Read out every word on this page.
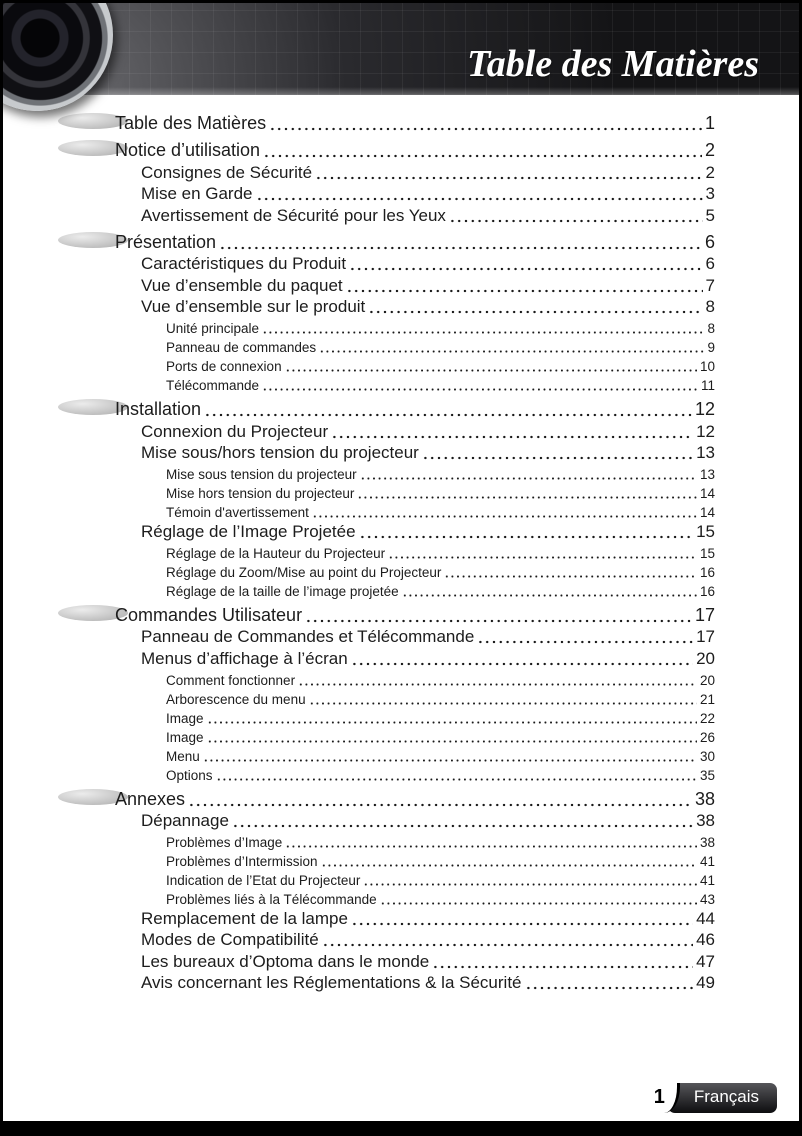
Table des Matières
Table des Matières	1
Notice d’utilisation	2
Consignes de Sécurité	2
Mise en Garde	3
Avertissement de Sécurité pour les Yeux	5
Présentation	6
Caractéristiques du Produit	6
Vue d’ensemble du paquet	7
Vue d’ensemble sur le produit	8
Unité principale	8
Panneau de commandes	9
Ports de connexion	10
Télécommande	11
Installation	12
Connexion du Projecteur	12
Mise sous/hors tension du projecteur	13
Mise sous tension du projecteur	13
Mise hors tension du projecteur	14
Témoin d'avertissement	14
Réglage de l’Image Projetée	15
Réglage de la Hauteur du Projecteur	15
Réglage du Zoom/Mise au point du Projecteur	16
Réglage de la taille de l’image projetée	16
Commandes Utilisateur	17
Panneau de Commandes et Télécommande	17
Menus d’affichage à l’écran	20
Comment fonctionner	20
Arborescence du menu	21
Image	22
Image	26
Menu	30
Options	35
Annexes	38
Dépannage	38
Problèmes d’Image	38
Problèmes d’Intermission	41
Indication de l’Etat du Projecteur	41
Problèmes liés à la Télécommande	43
Remplacement de la lampe	44
Modes de Compatibilité	46
Les bureaux d’Optoma dans le monde	47
Avis concernant les Réglementations & la Sécurité	49
1	Français
